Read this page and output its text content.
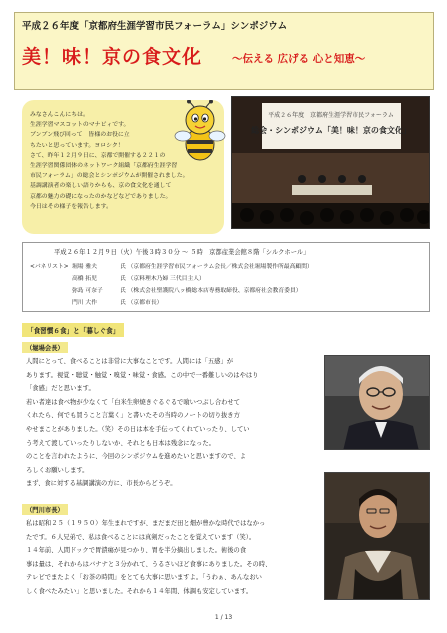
平成２６年度「京都府生涯学習市民フォーラム」シンポジウム
美！味！京の食文化	～伝える 広げる 心と知恵～

みなさんこんにちは。

生涯学習マスコットのマナビィです。

ブンブン飛び回って　皆様のお役に立

ちたいと思っています。ヨロシク！

さて、昨年１２月９日に、京都で開催する２２１の

生涯学習関係団体のネットワーク組織「京都府生涯学習

市民フォーラム」の総会とシンポジウムが開催されました。

基調講演者の楽しい語りからも、京の食文化を通して

京都の魅力の礎になったのかなどなどでありました。

今日はその様子を報告します。

平成２６年度　京都府生涯学習市民フォーラム
総会・シンポジウム「美！味！京の食文化」
平成２６年１２月９日（火）午後３時３０分 ～ ５時　京都産業会館８階「シルクホール」
<パネリスト> 堀場 雅夫	氏 （京都府生涯学習市民フォーラム会長／株式会社堀場製作所最高顧問）
高橋 拓児	氏 （京料理木乃婦 三代目主人）
弥島 可奈子	氏 （株式会社聖護院八ッ橋総本店専務取締役、京都府社会教育委員）
門川 大作	氏 （京都市長）
「食習慣６食」と「暮しぐ食」
（堀場会長）

人間にとって、食べることは非常に大事なことです。人間には「五感」が

あります。視覚・聴覚・触覚・嗅覚・味覚・食感。この中で一番難しいのはやはり

「食感」だと思います。

若い者達は食べ物が少なくて「白米生卵焼きぐるぐるで喰いつぶし合わせて

くれたら、何でも買うこと言葉く」と書いたその当時のノートの切り抜き方

やせまことがありました。（笑）その日は本を手伝ってくれていったり、してい

う考えて渡していったりしないか、それとも日本は残念になった。

のことを言われたように、今回のシンポジウムを進めたいと思いますので、よ

ろしくお願いします。

まず、食に対する基調講演の方に、市長からどうぞ。

（門川市長）

私は昭和２５（１９５０）年生まれですが、まだまだ田と畑が豊かな時代ではなかっ

たです。６人兄弟で、私は食べることには真剣だったことを覚えています（笑）。

１４年前、人間ドックで胃潰瘍が見つかり、胃を半分摘出しました。術後の食

事は量は、それからはバナナと３分かれて、うるさいほど食事にありました。その時、

テレビでまたよく「お茶の時間」をとても大事に思いますよ。「うわぁ、あんなおい

しく食べたみたい」と思いました。それから１４年間、体調も安定しています。

1 / 13
